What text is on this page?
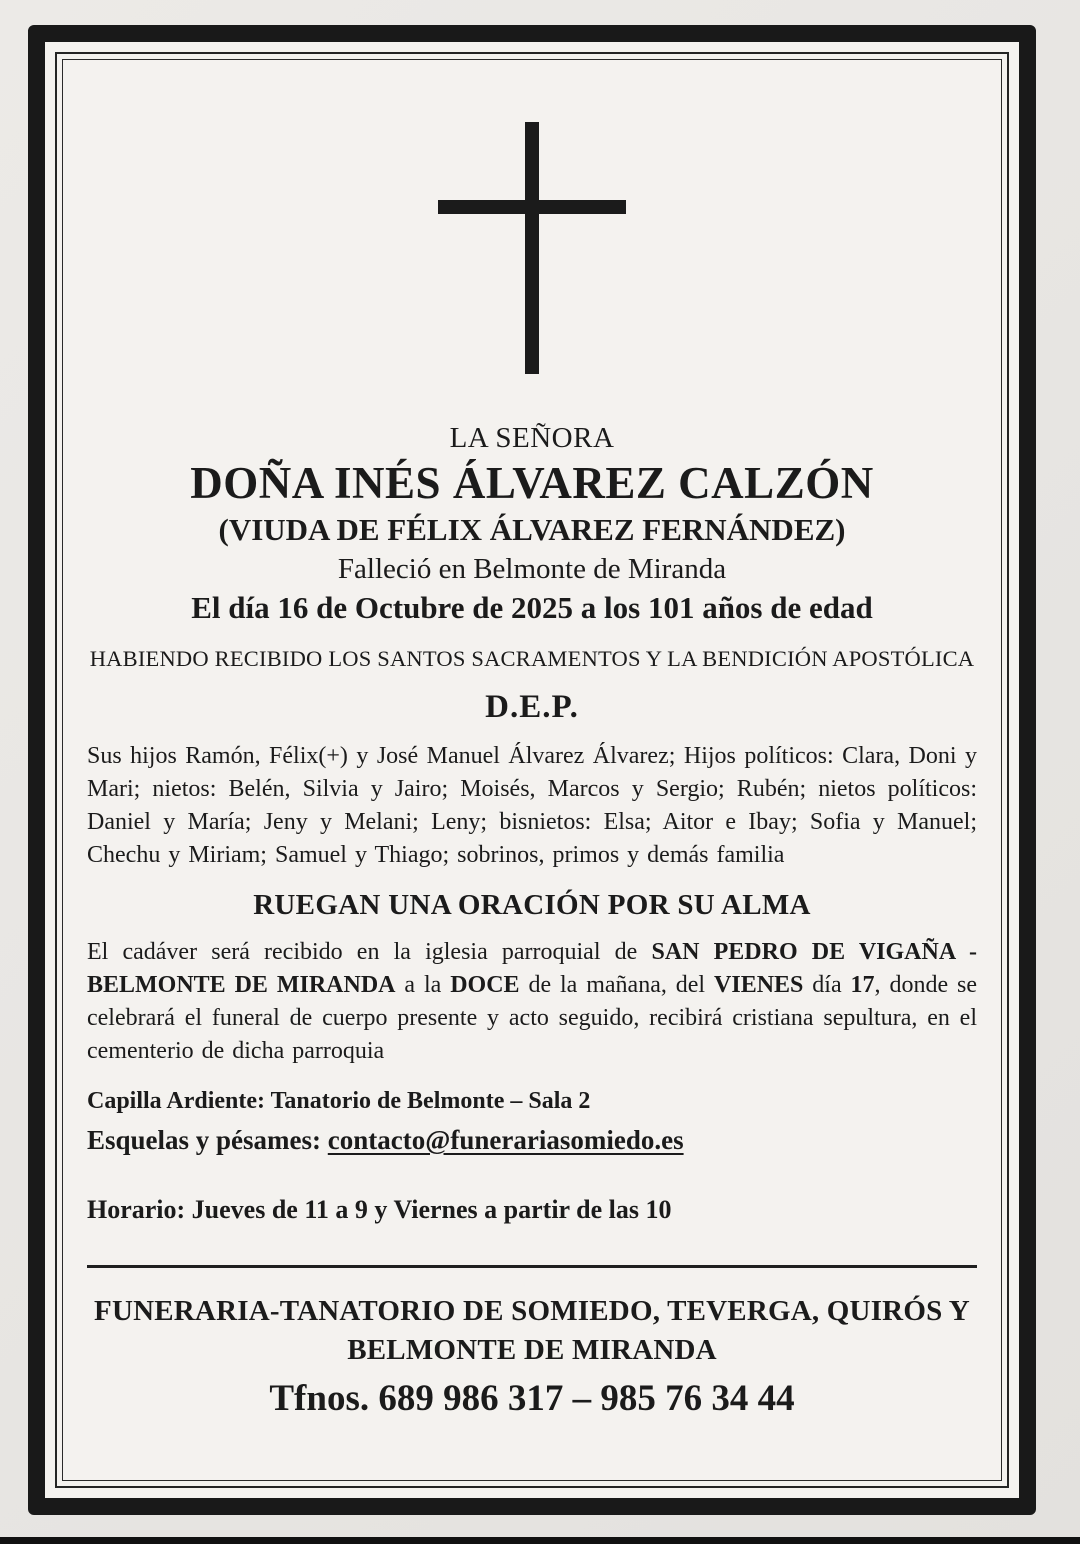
LA SEÑORA
DOÑA INÉS ÁLVAREZ CALZÓN
(VIUDA DE FÉLIX ÁLVAREZ FERNÁNDEZ)
Falleció en Belmonte de Miranda
El día 16 de Octubre de 2025 a los 101 años de edad
HABIENDO RECIBIDO LOS SANTOS SACRAMENTOS Y LA BENDICIÓN APOSTÓLICA
D.E.P.
Sus hijos Ramón, Félix(+) y José Manuel Álvarez Álvarez; Hijos políticos: Clara, Doni y Mari; nietos: Belén, Silvia y Jairo; Moisés, Marcos y Sergio; Rubén; nietos políticos: Daniel y María; Jeny y Melani; Leny; bisnietos: Elsa; Aitor e Ibay; Sofia y Manuel; Chechu y Miriam; Samuel y Thiago; sobrinos, primos y demás familia
RUEGAN UNA ORACIÓN POR SU ALMA
El cadáver será recibido en la iglesia parroquial de SAN PEDRO DE VIGAÑA - BELMONTE DE MIRANDA a la DOCE de la mañana, del VIENES día 17, donde se celebrará el funeral de cuerpo presente y acto seguido, recibirá cristiana sepultura, en el cementerio de dicha parroquia
Capilla Ardiente: Tanatorio de Belmonte – Sala 2
Esquelas y pésames: contacto@funerariasomiedo.es
Horario: Jueves de 11 a 9 y Viernes a partir de las 10
FUNERARIA-TANATORIO DE SOMIEDO, TEVERGA, QUIRÓS Y
BELMONTE DE MIRANDA
Tfnos. 689 986 317 – 985 76 34 44
